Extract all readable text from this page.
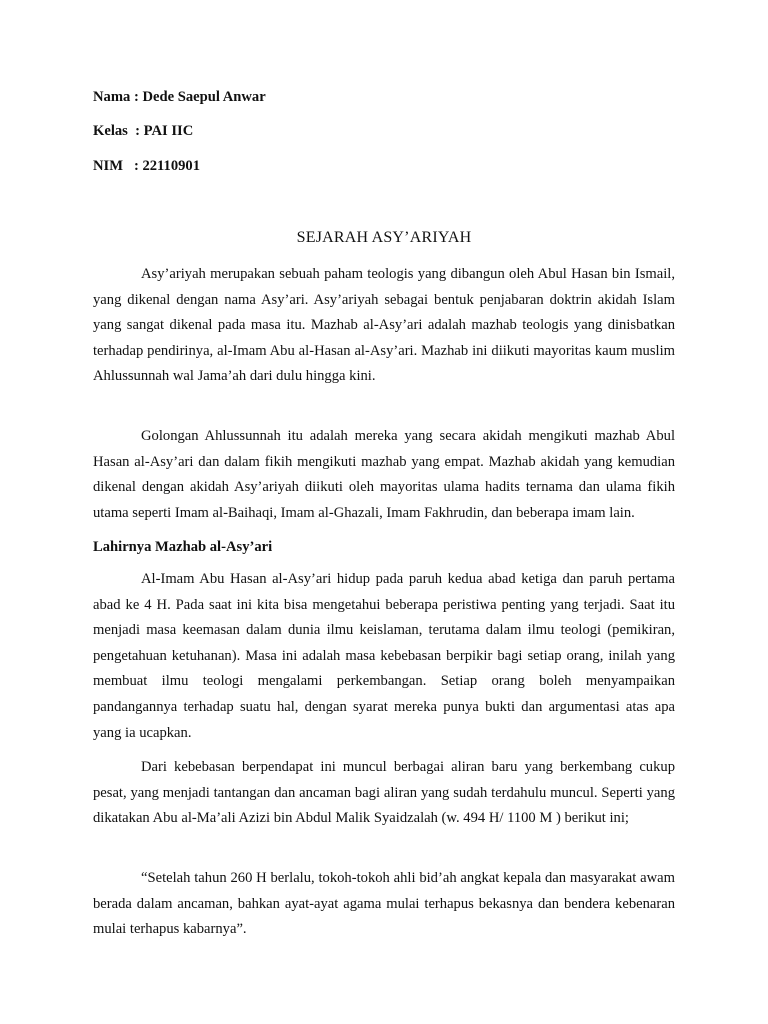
Nama : Dede Saepul Anwar
Kelas  : PAI IIC
NIM   : 22110901
SEJARAH ASY’ARIYAH

Asy’ariyah merupakan sebuah paham teologis yang dibangun oleh Abul Hasan bin Ismail, yang dikenal dengan nama Asy’ari. Asy’ariyah sebagai bentuk penjabaran doktrin akidah Islam yang sangat dikenal pada masa itu. Mazhab al-Asy’ari adalah mazhab teologis yang dinisbatkan terhadap pendirinya, al-Imam Abu al-Hasan al-Asy’ari. Mazhab ini diikuti mayoritas kaum muslim Ahlussunnah wal Jama’ah dari dulu hingga kini.

Golongan Ahlussunnah itu adalah mereka yang secara akidah mengikuti mazhab Abul Hasan al-Asy’ari dan dalam fikih mengikuti mazhab yang empat. Mazhab akidah yang kemudian dikenal dengan akidah Asy’ariyah diikuti oleh mayoritas ulama hadits ternama dan ulama fikih utama seperti Imam al-Baihaqi, Imam al-Ghazali, Imam Fakhrudin, dan beberapa imam lain.

Lahirnya Mazhab al-Asy’ari

Al-Imam Abu Hasan al-Asy’ari hidup pada paruh kedua abad ketiga dan paruh pertama abad ke 4 H. Pada saat ini kita bisa mengetahui beberapa peristiwa penting yang terjadi. Saat itu menjadi masa keemasan dalam dunia ilmu keislaman, terutama dalam ilmu teologi (pemikiran, pengetahuan ketuhanan). Masa ini adalah masa kebebasan berpikir bagi setiap orang, inilah yang membuat ilmu teologi mengalami perkembangan. Setiap orang boleh menyampaikan pandangannya terhadap suatu hal, dengan syarat mereka punya bukti dan argumentasi atas apa yang ia ucapkan.

Dari kebebasan berpendapat ini muncul berbagai aliran baru yang berkembang cukup pesat, yang menjadi tantangan dan ancaman bagi aliran yang sudah terdahulu muncul. Seperti yang dikatakan Abu al-Ma’ali Azizi bin Abdul Malik Syaidzalah (w. 494 H/ 1100 M ) berikut ini;

“Setelah tahun 260 H berlalu, tokoh-tokoh ahli bid’ah angkat kepala dan masyarakat awam berada dalam ancaman, bahkan ayat-ayat agama mulai terhapus bekasnya dan bendera kebenaran mulai terhapus kabarnya”.
